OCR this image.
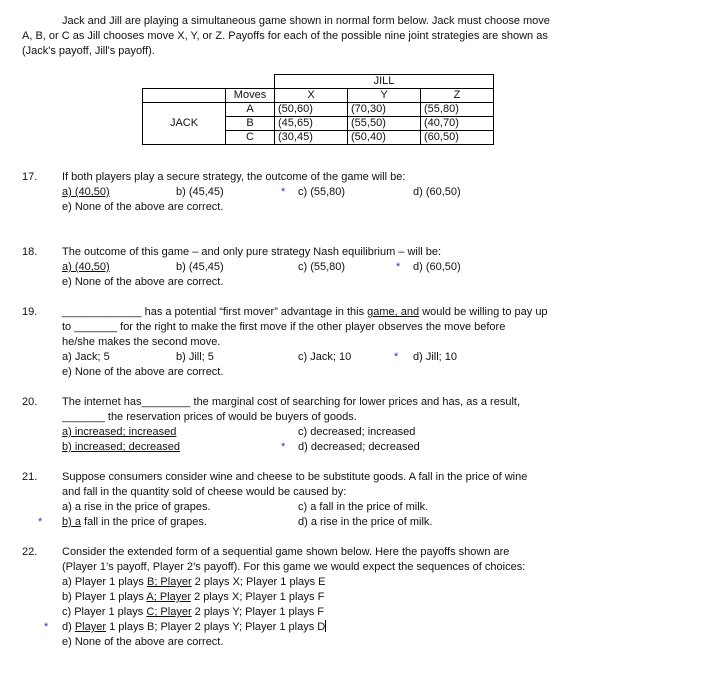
Jack and Jill are playing a simultaneous game shown in normal form below. Jack must choose move
A, B, or C as Jill chooses move X, Y, or Z. Payoffs for each of the possible nine joint strategies are shown as
(Jack's payoff, Jill's payoff).
		JILL		
	Moves	X	Y	Z
JACK	A	(50,60)	(70,30)	(55,80)
	B	(45,65)	(55,50)	(40,70)
	C	(30,45)	(50,40)	(60,50)
17. If both players play a secure strategy, the outcome of the game will be:
a) (40,50)	b) (45,45)	* c) (55,80)	d) (60,50)
e) None of the above are correct.
18. The outcome of this game – and only pure strategy Nash equilibrium – will be:
a) (40,50)	b) (45,45)	c) (55,80)	* d) (60,50)
e) None of the above are correct.
19. _____________ has a potential “first mover” advantage in this game, and would be willing to pay up
to _______ for the right to make the first move if the other player observes the move before
he/she makes the second move.
a) Jack; 5	b) Jill; 5	c) Jack; 10	* d) Jill; 10
e) None of the above are correct.
20. The internet has________ the marginal cost of searching for lower prices and has, as a result,
_______ the reservation prices of would be buyers of goods.
a) increased; increased	c) decreased; increased
b) increased; decreased	* d) decreased; decreased
21. Suppose consumers consider wine and cheese to be substitute goods. A fall in the price of wine
and fall in the quantity sold of cheese would be caused by:
a) a rise in the price of grapes.	c) a fall in the price of milk.
* b) a fall in the price of grapes.	d) a rise in the price of milk.
22. Consider the extended form of a sequential game shown below. Here the payoffs shown are
(Player 1’s payoff, Player 2’s payoff). For this game we would expect the sequences of choices:
a) Player 1 plays B; Player 2 plays X; Player 1 plays E
b) Player 1 plays A; Player 2 plays X; Player 1 plays F
c) Player 1 plays C; Player 2 plays Y; Player 1 plays F
* d) Player 1 plays B; Player 2 plays Y; Player 1 plays D
e) None of the above are correct.
